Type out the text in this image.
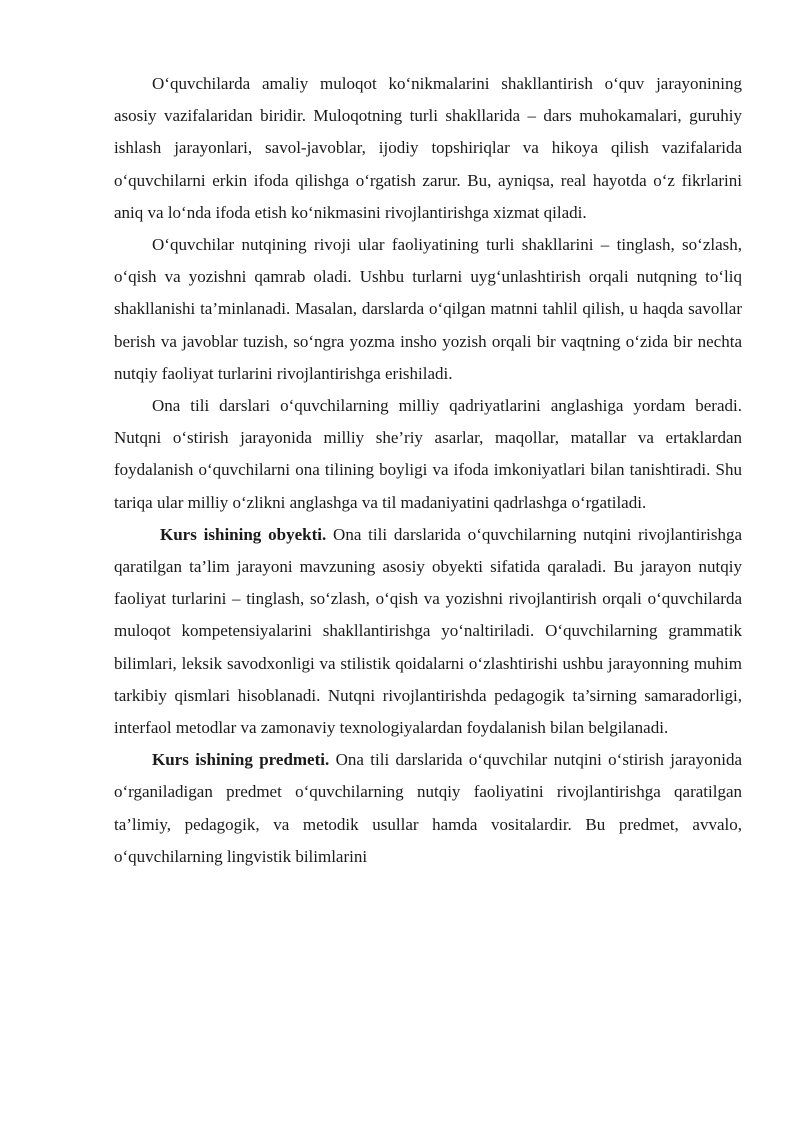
O‘quvchilarda amaliy muloqot ko‘nikmalarini shakllantirish o‘quv jarayonining asosiy vazifalaridan biridir. Muloqotning turli shakllarida – dars muhokamalari, guruhiy ishlash jarayonlari, savol-javoblar, ijodiy topshiriqlar va hikoya qilish vazifalarida o‘quvchilarni erkin ifoda qilishga o‘rgatish zarur. Bu, ayniqsa, real hayotda o‘z fikrlarini aniq va lo‘nda ifoda etish ko‘nikmasini rivojlantirishga xizmat qiladi.

O‘quvchilar nutqining rivoji ular faoliyatining turli shakllarini – tinglash, so‘zlash, o‘qish va yozishni qamrab oladi. Ushbu turlarni uyg‘unlashtirish orqali nutqning to‘liq shakllanishi ta’minlanadi. Masalan, darslarda o‘qilgan matnni tahlil qilish, u haqda savollar berish va javoblar tuzish, so‘ngra yozma insho yozish orqali bir vaqtning o‘zida bir nechta nutqiy faoliyat turlarini rivojlantirishga erishiladi.

Ona tili darslari o‘quvchilarning milliy qadriyatlarini anglashiga yordam beradi. Nutqni o‘stirish jarayonida milliy she’riy asarlar, maqollar, matallar va ertaklardan foydalanish o‘quvchilarni ona tilining boyligi va ifoda imkoniyatlari bilan tanishtiradi. Shu tariqa ular milliy o‘zlikni anglashga va til madaniyatini qadrlashga o‘rgatiladi.

Kurs ishining obyekti. Ona tili darslarida o‘quvchilarning nutqini rivojlantirishga qaratilgan ta’lim jarayoni mavzuning asosiy obyekti sifatida qaraladi. Bu jarayon nutqiy faoliyat turlarini – tinglash, so‘zlash, o‘qish va yozishni rivojlantirish orqali o‘quvchilarda muloqot kompetensiyalarini shakllantirishga yo‘naltiriladi. O‘quvchilarning grammatik bilimlari, leksik savodxonligi va stilistik qoidalarni o‘zlashtirishi ushbu jarayonning muhim tarkibiy qismlari hisoblanadi. Nutqni rivojlantirishda pedagogik ta’sirning samaradorligi, interfaol metodlar va zamonaviy texnologiyalardan foydalanish bilan belgilanadi.

Kurs ishining predmeti. Ona tili darslarida o‘quvchilar nutqini o‘stirish jarayonida o‘rganiladigan predmet o‘quvchilarning nutqiy faoliyatini rivojlantirishga qaratilgan ta’limiy, pedagogik, va metodik usullar hamda vositalardir. Bu predmet, avvalo, o‘quvchilarning lingvistik bilimlarini
